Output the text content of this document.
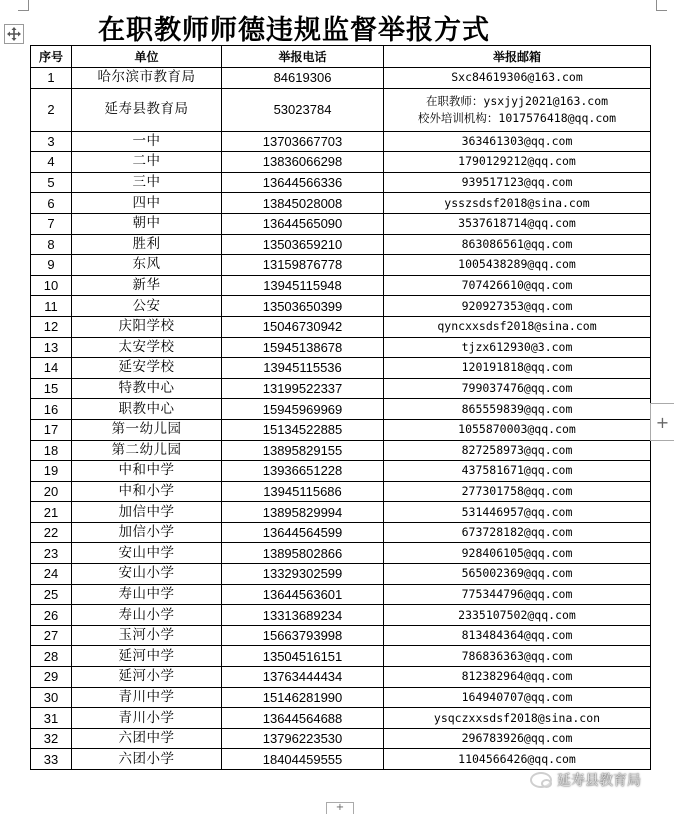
在职教师师德违规监督举报方式
序号	单位	举报电话	举报邮箱
1	哈尔滨市教育局	84619306	Sxc84619306@163.com
2	延寿县教育局	53023784	在职教师：ysxjyj2021@163.com
校外培训机构：1017576418@qq.com

3	一中	13703667703	363461303@qq.com
4	二中	13836066298	1790129212@qq.com
5	三中	13644566336	939517123@qq.com
6	四中	13845028008	ysszsdsf2018@sina.com
7	朝中	13644565090	3537618714@qq.com
8	胜利	13503659210	863086561@qq.com
9	东风	13159876778	1005438289@qq.com
10	新华	13945115948	707426610@qq.com
11	公安	13503650399	920927353@qq.com
12	庆阳学校	15046730942	qyncxxsdsf2018@sina.com
13	太安学校	15945138678	tjzx612930@3.com
14	延安学校	13945115536	120191818@qq.com
15	特教中心	13199522337	799037476@qq.com
16	职教中心	15945969969	865559839@qq.com
17	第一幼儿园	15134522885	1055870003@qq.com
18	第二幼儿园	13895829155	827258973@qq.com
19	中和中学	13936651228	437581671@qq.com
20	中和小学	13945115686	277301758@qq.com
21	加信中学	13895829994	531446957@qq.com
22	加信小学	13644564599	673728182@qq.com
23	安山中学	13895802866	928406105@qq.com
24	安山小学	13329302599	565002369@qq.com
25	寿山中学	13644563601	775344796@qq.com
26	寿山小学	13313689234	2335107502@qq.com
27	玉河小学	15663793998	813484364@qq.com
28	延河中学	13504516151	786836363@qq.com
29	延河小学	13763444434	812382964@qq.com
30	青川中学	15146281990	164940707@qq.com
31	青川小学	13644564688	ysqczxxsdsf2018@sina.con
32	六团中学	13796223530	296783926@qq.com
33	六团小学	18404459555	1104566426@qq.com
+
+
延寿县教育局
